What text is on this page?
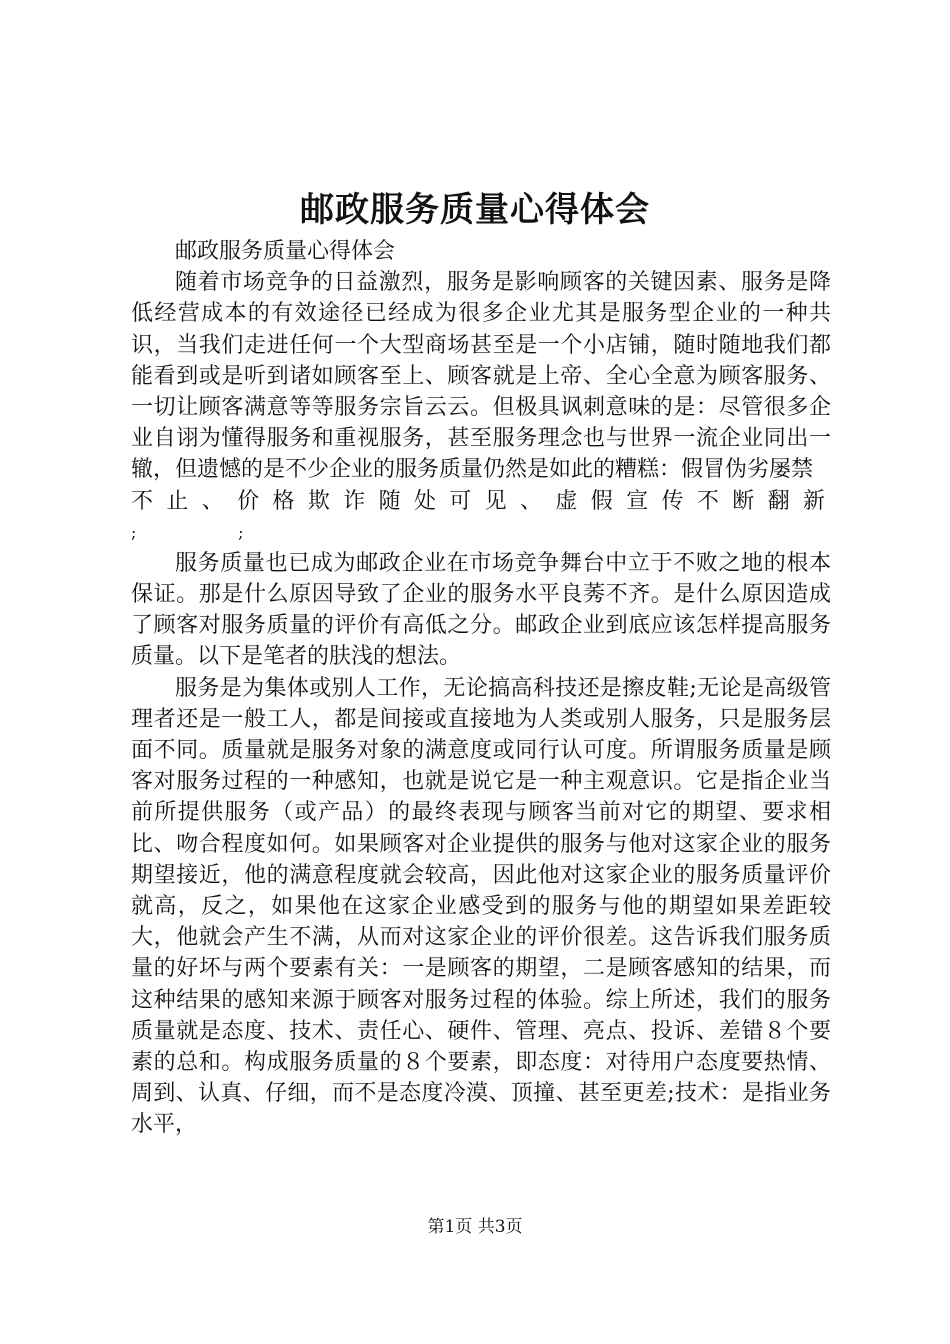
邮政服务质量心得体会

邮政服务质量心得体会

随着市场竞争的日益激烈，服务是影响顾客的关键因素、服务是降低经营成本的有效途径已经成为很多企业尤其是服务型企业的一种共识，当我们走进任何一个大型商场甚至是一个小店铺，随时随地我们都能看到或是听到诸如顾客至上、顾客就是上帝、全心全意为顾客服务、一切让顾客满意等等服务宗旨云云。但极具讽刺意味的是：尽管很多企业自诩为懂得服务和重视服务，甚至服务理念也与世界一流企业同出一辙，但遗憾的是不少企业的服务质量仍然是如此的糟糕：假冒伪劣屡禁

不止、价格欺诈随处可见、虚假宣传不断翻新

;                    ;

服务质量也已成为邮政企业在市场竞争舞台中立于不败之地的根本保证。那是什么原因导致了企业的服务水平良莠不齐。是什么原因造成了顾客对服务质量的评价有高低之分。邮政企业到底应该怎样提高服务质量。以下是笔者的肤浅的想法。

服务是为集体或别人工作，无论搞高科技还是擦皮鞋;无论是高级管理者还是一般工人，都是间接或直接地为人类或别人服务，只是服务层面不同。质量就是服务对象的满意度或同行认可度。所谓服务质量是顾客对服务过程的一种感知，也就是说它是一种主观意识。它是指企业当前所提供服务（或产品）的最终表现与顾客当前对它的期望、要求相比、吻合程度如何。如果顾客对企业提供的服务与他对这家企业的服务期望接近，他的满意程度就会较高，因此他对这家企业的服务质量评价就高，反之，如果他在这家企业感受到的服务与他的期望如果差距较大，他就会产生不满，从而对这家企业的评价很差。这告诉我们服务质量的好坏与两个要素有关：一是顾客的期望，二是顾客感知的结果，而这种结果的感知来源于顾客对服务过程的体验。综上所述，我们的服务质量就是态度、技术、责任心、硬件、管理、亮点、投诉、差错８个要素的总和。构成服务质量的８个要素，即态度：对待用户态度要热情、周到、认真、仔细，而不是态度冷漠、顶撞、甚至更差;技术：是指业务水平，

第1页 共3页
